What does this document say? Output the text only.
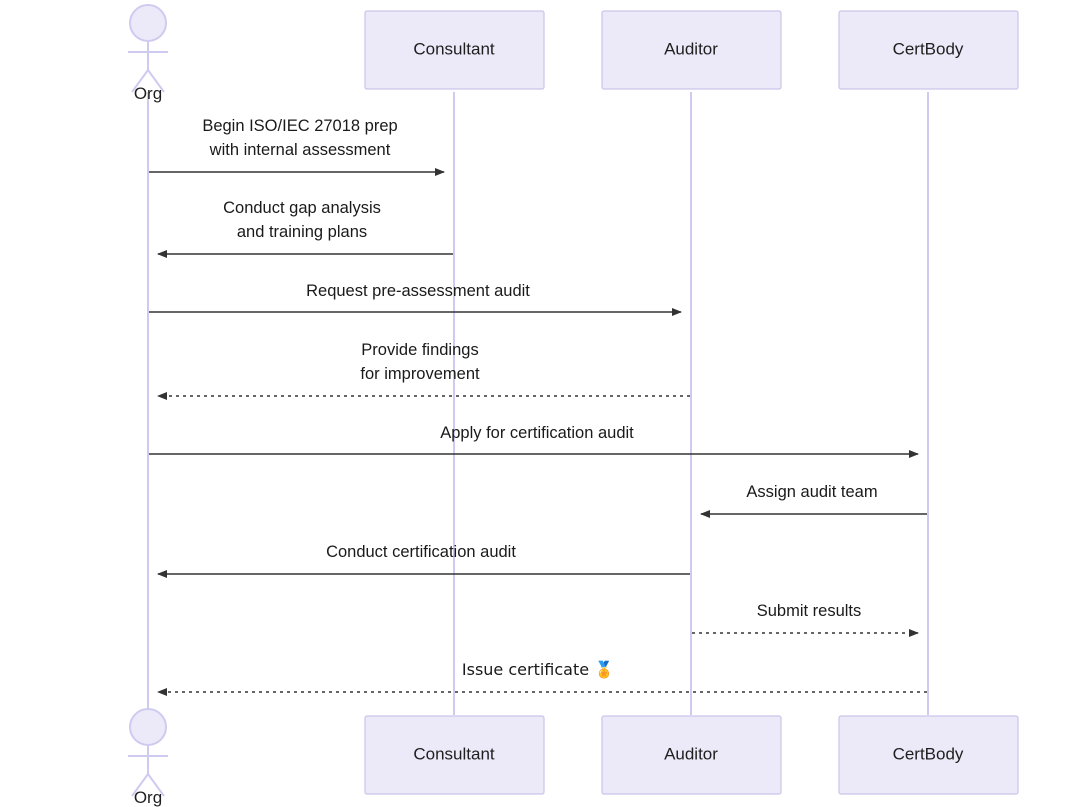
Org
Consultant	Auditor	CertBody
Begin ISO/IEC 27018 prep
with internal assessment
Conduct gap analysis
and training plans
Request pre-assessment audit
Provide findings
for improvement
Apply for certification audit
Assign audit team
Conduct certification audit
Submit results
Issue certificate 🏅
Org
Consultant	Auditor	CertBody
